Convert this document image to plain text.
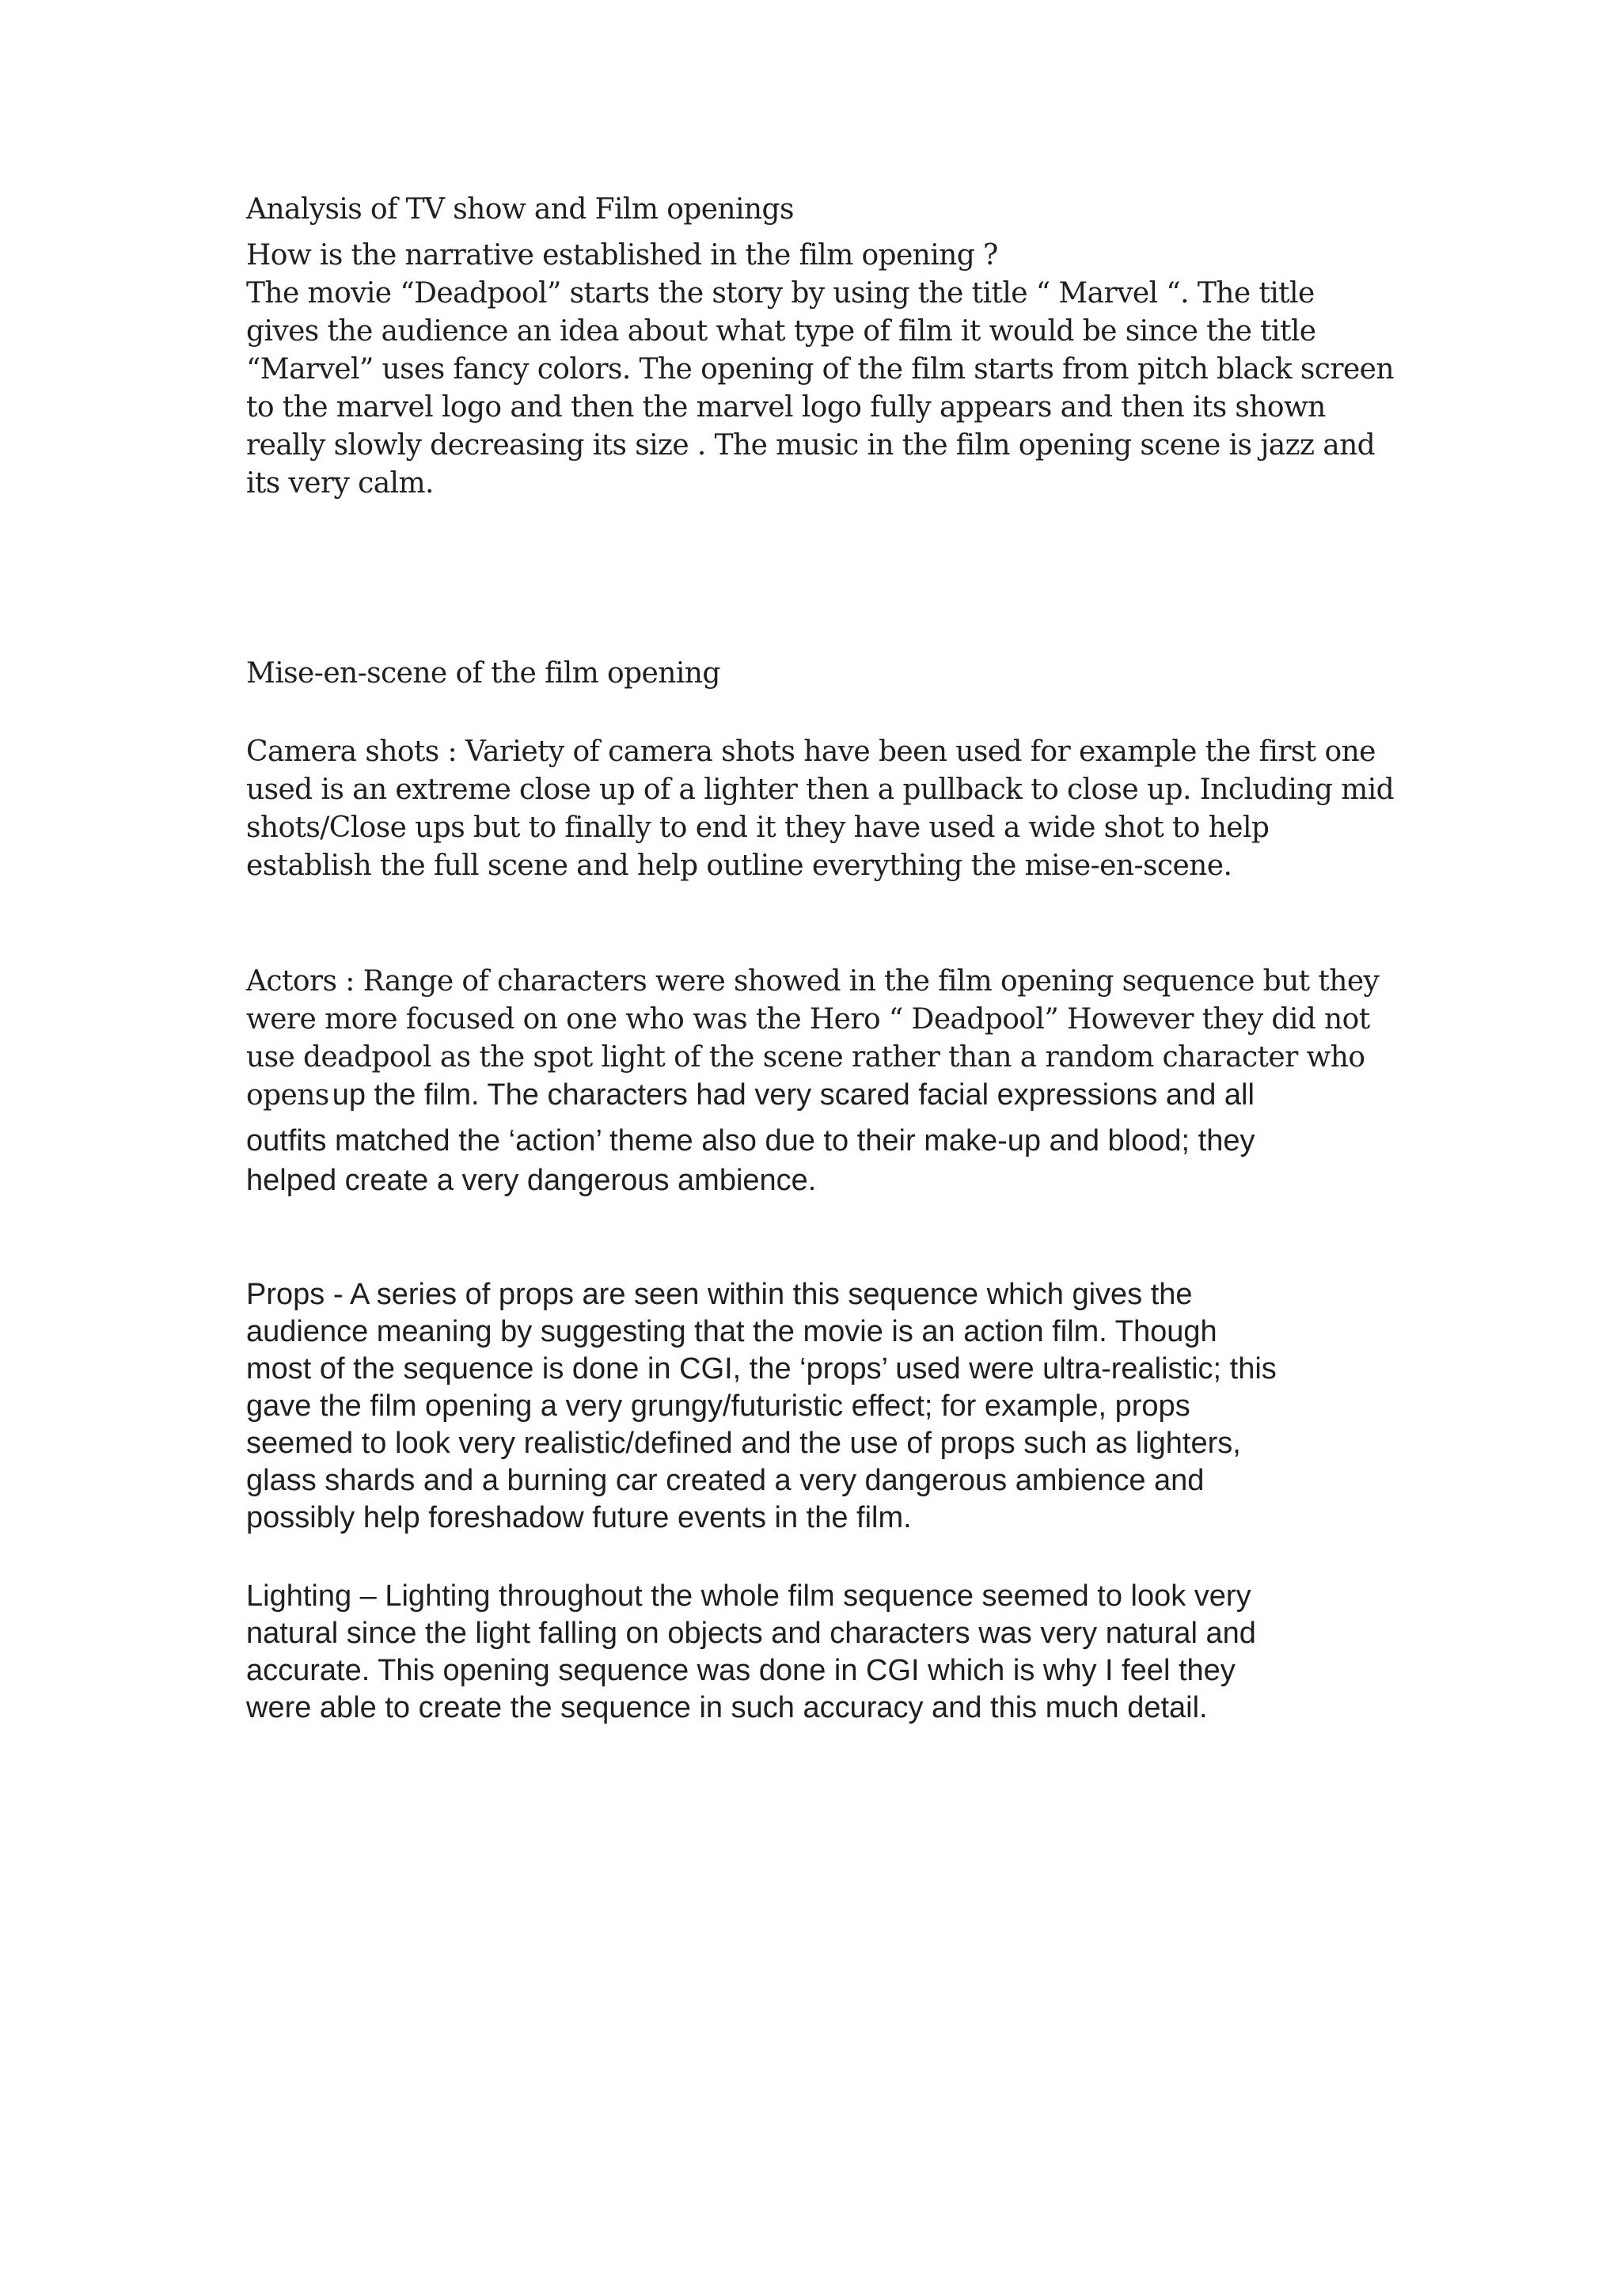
Analysis of TV show and Film openings
How is the narrative established in the film opening ?
The movie “Deadpool” starts the story by using the title “ Marvel “. The title
gives the audience an idea about what type of film it would be since the title
“Marvel” uses fancy colors. The opening of the film starts from pitch black screen
to the marvel logo and then the marvel logo fully appears and then its shown
really slowly decreasing its size . The music in the film opening scene is jazz and
its very calm.
Mise-en-scene of the film opening
Camera shots : Variety of camera shots have been used for example the first one
used is an extreme close up of a lighter then a pullback to close up. Including mid
shots/Close ups but to finally to end it they have used a wide shot to help
establish the full scene and help outline everything the mise-en-scene.
Actors : Range of characters were showed in the film opening sequence but they
were more focused on one who was the Hero “ Deadpool” However they did not
use deadpool as the spot light of the scene rather than a random character who
opens up the film. The characters had very scared facial expressions and all
outfits matched the ‘action’ theme also due to their make-up and blood; they
helped create a very dangerous ambience.
Props - A series of props are seen within this sequence which gives the
audience meaning by suggesting that the movie is an action film. Though
most of the sequence is done in CGI, the ‘props’ used were ultra-realistic; this
gave the film opening a very grungy/futuristic effect; for example, props
seemed to look very realistic/defined and the use of props such as lighters,
glass shards and a burning car created a very dangerous ambience and
possibly help foreshadow future events in the film.
Lighting – Lighting throughout the whole film sequence seemed to look very
natural since the light falling on objects and characters was very natural and
accurate. This opening sequence was done in CGI which is why I feel they
were able to create the sequence in such accuracy and this much detail.
